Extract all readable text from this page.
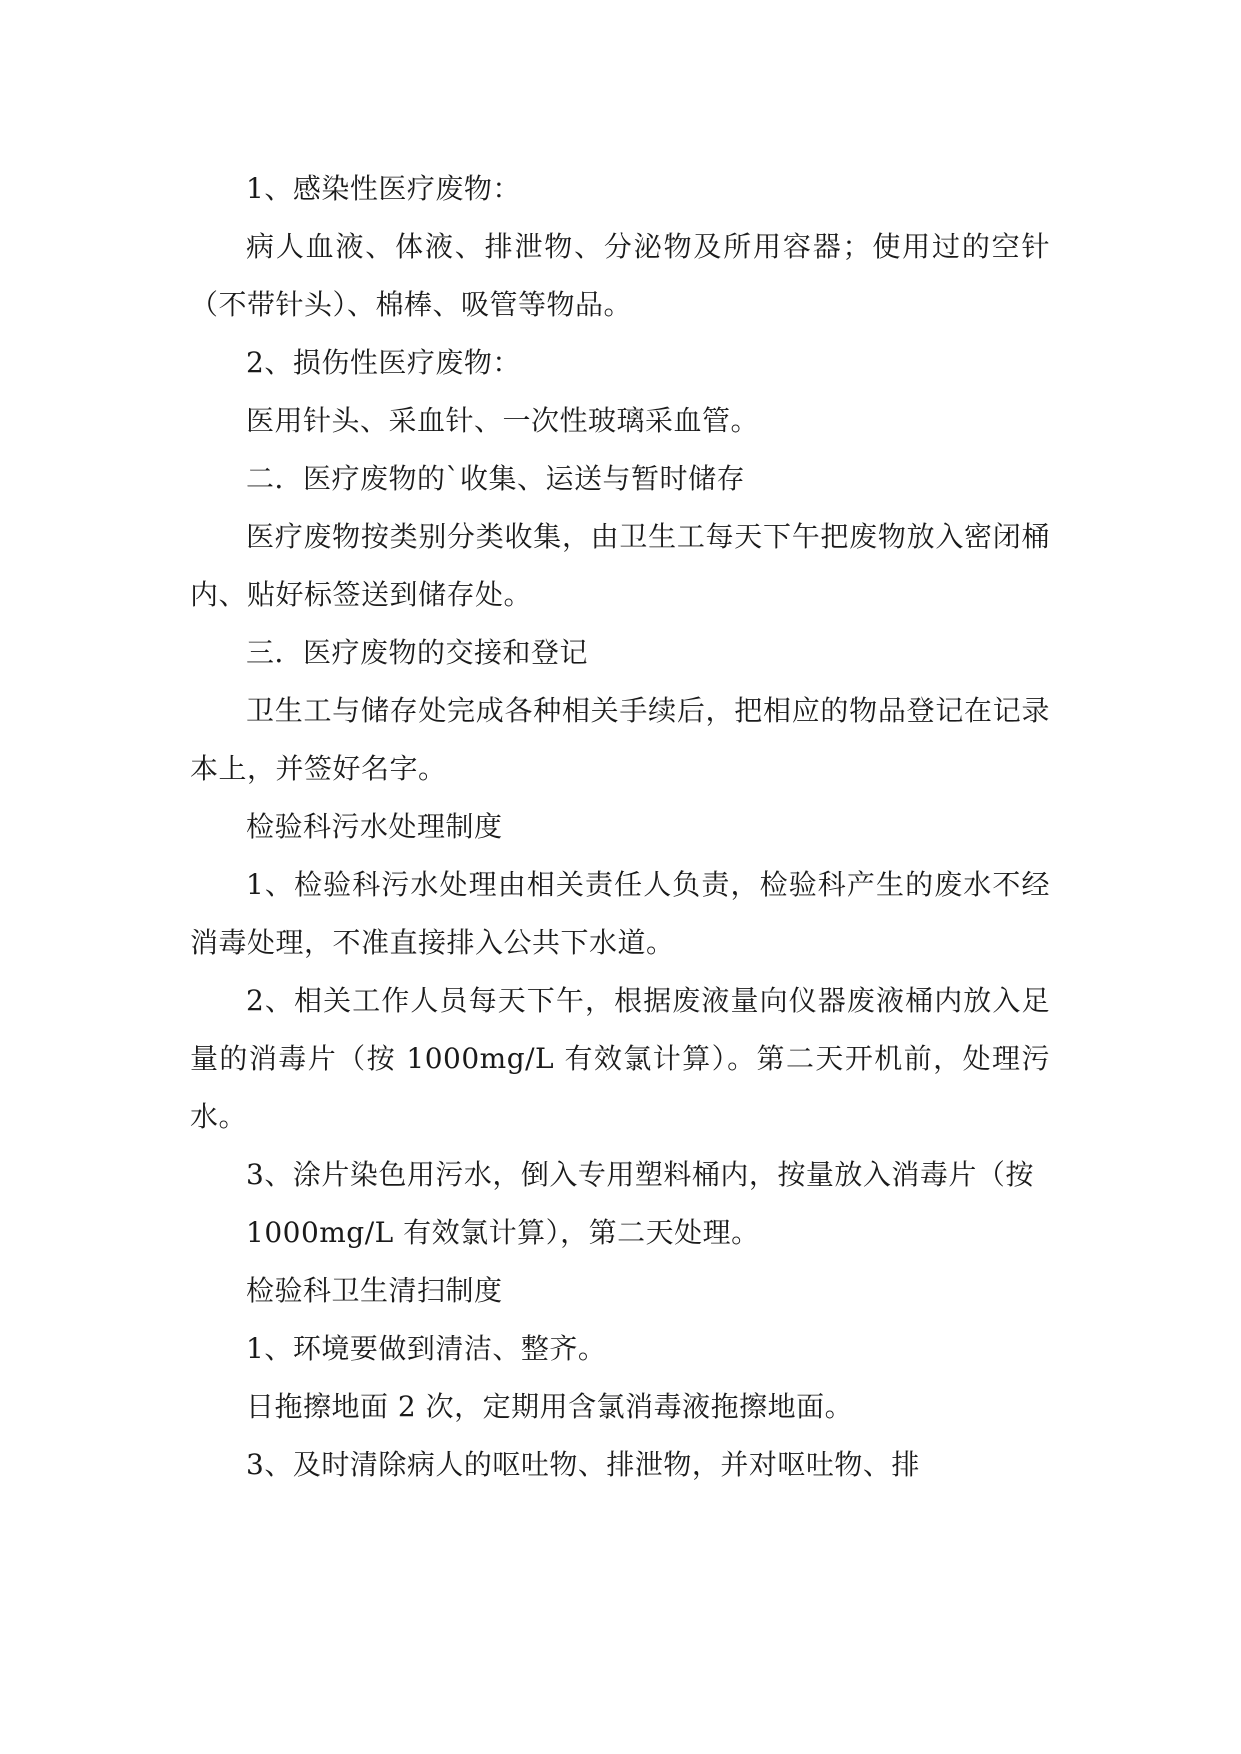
1、感染性医疗废物：

病人血液、体液、排泄物、分泌物及所用容器；使用过的空针（不带针头）、棉棒、吸管等物品。

2、损伤性医疗废物：

医用针头、采血针、一次性玻璃采血管。

二．医疗废物的`收集、运送与暂时储存

医疗废物按类别分类收集，由卫生工每天下午把废物放入密闭桶内、贴好标签送到储存处。

三．医疗废物的交接和登记

卫生工与储存处完成各种相关手续后，把相应的物品登记在记录本上，并签好名字。

检验科污水处理制度

1、检验科污水处理由相关责任人负责，检验科产生的废水不经消毒处理，不准直接排入公共下水道。

2、相关工作人员每天下午，根据废液量向仪器废液桶内放入足量的消毒片（按 1000mg/L 有效氯计算）。第二天开机前，处理污水。

3、涂片染色用污水，倒入专用塑料桶内，按量放入消毒片（按

1000mg/L 有效氯计算），第二天处理。

检验科卫生清扫制度

1、环境要做到清洁、整齐。

日拖擦地面 2 次，定期用含氯消毒液拖擦地面。

3、及时清除病人的呕吐物、排泄物，并对呕吐物、排
